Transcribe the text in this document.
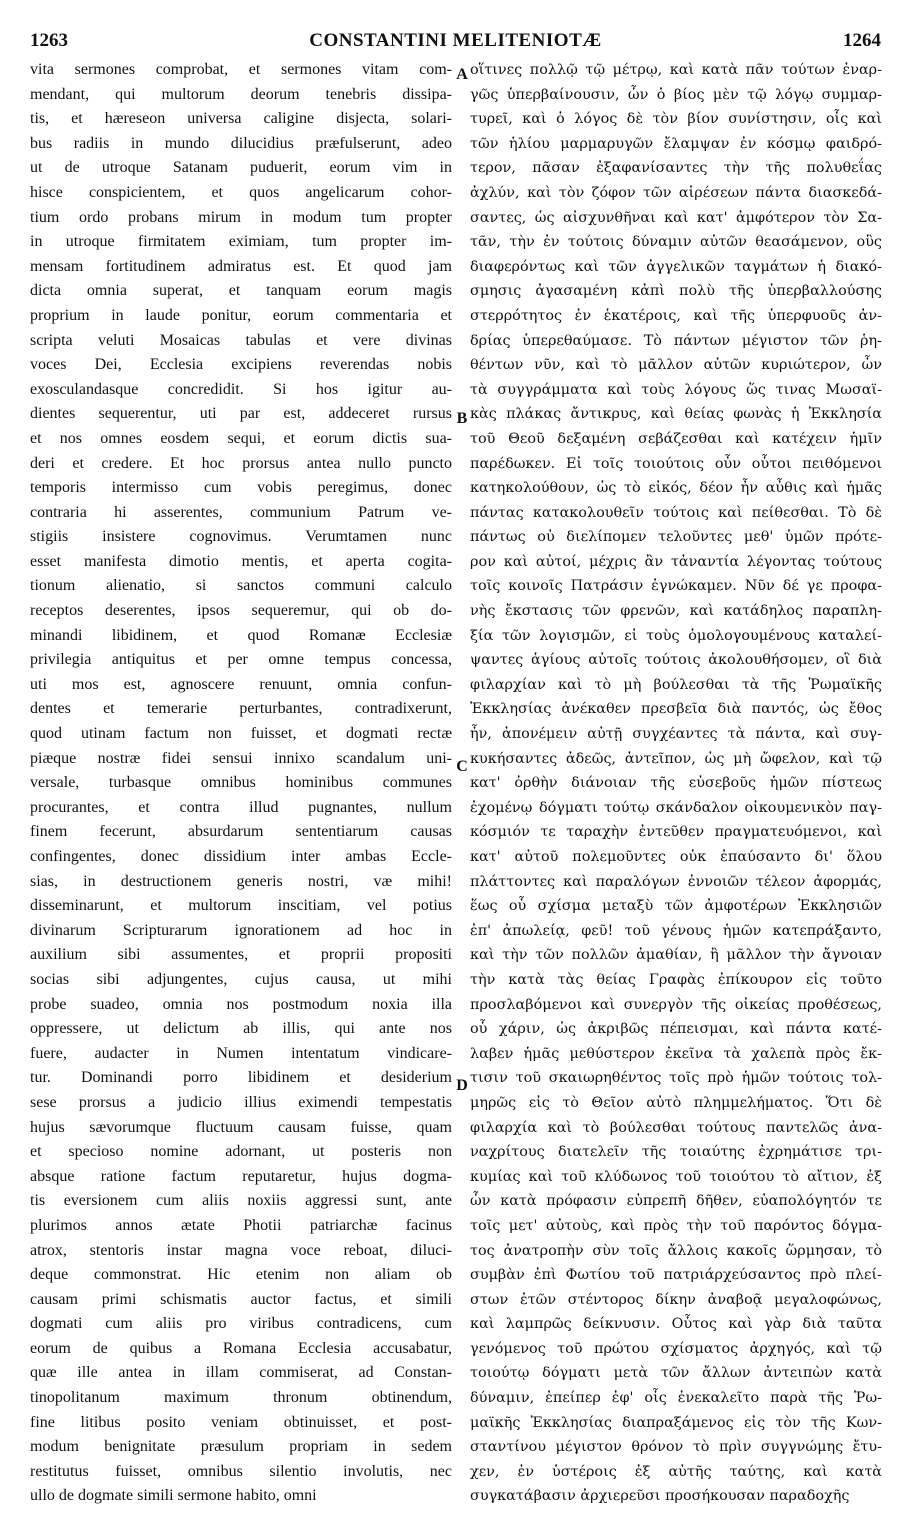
1263	CONSTANTINI MELITENIOTÆ	1264
vita sermones comprobat, et sermones vitam com-
mendant, qui multorum deorum tenebris dissipa-
tis, et hæreseon universa caligine disjecta, solari-
bus radiis in mundo dilucidius præfulserunt, adeo
ut de utroque Satanam puduerit, eorum vim in
hisce conspicientem, et quos angelicarum cohor-
tium ordo probans mirum in modum tum propter
in utroque firmitatem eximiam, tum propter im-
mensam fortitudinem admiratus est. Et quod jam
dicta omnia superat, et tanquam eorum magis
proprium in laude ponitur, eorum commentaria et
scripta veluti Mosaicas tabulas et vere divinas
voces Dei, Ecclesia excipiens reverendas nobis
exosculandasque concredidit. Si hos igitur au-
dientes sequerentur, uti par est, addeceret rursus
et nos omnes eosdem sequi, et eorum dictis sua-
deri et credere. Et hoc prorsus antea nullo puncto
temporis intermisso cum vobis peregimus, donec
contraria hi asserentes, communium Patrum ve-
stigiis insistere cognovimus. Verumtamen nunc
esset manifesta dimotio mentis, et aperta cogita-
tionum alienatio, si sanctos communi calculo
receptos deserentes, ipsos sequeremur, qui ob do-
minandi libidinem, et quod Romanæ Ecclesiæ
privilegia antiquitus et per omne tempus concessa,
uti mos est, agnoscere renuunt, omnia confun-
dentes et temerarie perturbantes, contradixerunt,
quod utinam factum non fuisset, et dogmati rectæ
piæque nostræ fidei sensui innixo scandalum uni-
versale, turbasque omnibus hominibus communes
procurantes, et contra illud pugnantes, nullum
finem fecerunt, absurdarum sententiarum causas
confingentes, donec dissidium inter ambas Eccle-
sias, in destructionem generis nostri, væ mihi!
disseminarunt, et multorum inscitiam, vel potius
divinarum Scripturarum ignorationem ad hoc in
auxilium sibi assumentes, et proprii propositi
socias sibi adjungentes, cujus causa, ut mihi
probe suadeo, omnia nos postmodum noxia illa
oppressere, ut delictum ab illis, qui ante nos
fuere, audacter in Numen intentatum vindicare-
tur. Dominandi porro libidinem et desiderium
sese prorsus a judicio illius eximendi tempestatis
hujus sævorumque fluctuum causam fuisse, quam
et specioso nomine adornant, ut posteris non
absque ratione factum reputaretur, hujus dogma-
tis eversionem cum aliis noxiis aggressi sunt, ante
plurimos annos ætate Photii patriarchæ facinus
atrox, stentoris instar magna voce reboat, diluci-
deque commonstrat. Hic etenim non aliam ob
causam primi schismatis auctor factus, et simili
dogmati cum aliis pro viribus contradicens, cum
eorum de quibus a Romana Ecclesia accusabatur,
quæ ille antea in illam commiserat, ad Constan-
tinopolitanum maximum thronum obtinendum,
fine litibus posito veniam obtinuisset, et post-
modum benignitate præsulum propriam in sedem
restitutus fuisset, omnibus silentio involutis, nec
ullo de dogmate simili sermone habito, omni
οἵτινες πολλῷ τῷ μέτρῳ, καὶ κατὰ πᾶν τούτων ἐναρ-
γῶς ὑπερβαίνουσιν, ὧν ὁ βίος μὲν τῷ λόγῳ συμμαρ-
τυρεῖ, καὶ ὁ λόγος δὲ τὸν βίον συνίστησιν, οἷς καὶ
τῶν ἡλίου μαρμαρυγῶν ἔλαμψαν ἐν κόσμῳ φαιδρό-
τερον, πᾶσαν ἐξαφανίσαντες τὴν τῆς πολυθεΐας
ἀχλύν, καὶ τὸν ζόφον τῶν αἱρέσεων πάντα διασκεδά-
σαντες, ὡς αἰσχυνθῆναι καὶ κατ' ἀμφότερον τὸν Σα-
τᾶν, τὴν ἐν τούτοις δύναμιν αὐτῶν θεασάμενον, οὓς
διαφερόντως καὶ τῶν ἀγγελικῶν ταγμάτων ἡ διακό-
σμησις ἀγασαμένη κἀπὶ πολὺ τῆς ὑπερβαλλούσης
στερρότητος ἐν ἑκατέροις, καὶ τῆς ὑπερφυοῦς ἀν-
δρίας ὑπερεθαύμασε. Τὸ πάντων μέγιστον τῶν ῥη-
θέντων νῦν, καὶ τὸ μᾶλλον αὐτῶν κυριώτερον, ὧν
τὰ συγγράμματα καὶ τοὺς λόγους ὥς τινας Μωσαϊ-
κὰς πλάκας ἄντικρυς, καὶ θείας φωνὰς ἡ Ἐκκλησία
τοῦ Θεοῦ δεξαμένη σεβάζεσθαι καὶ κατέχειν ἡμῖν
παρέδωκεν. Εἰ τοῖς τοιούτοις οὖν οὗτοι πειθόμενοι
κατηκολούθουν, ὡς τὸ εἰκός, δέον ἦν αὖθις καὶ ἡμᾶς
πάντας κατακολουθεῖν τούτοις καὶ πείθεσθαι. Τὸ δὲ
πάντως οὐ διελίπομεν τελοῦντες μεθ' ὑμῶν πρότε-
ρον καὶ αὐτοί, μέχρις ἂν τἀναντία λέγοντας τούτους
τοῖς κοινοῖς Πατράσιν ἐγνώκαμεν. Νῦν δέ γε προφα-
νὴς ἔκστασις τῶν φρενῶν, καὶ κατάδηλος παραπλη-
ξία τῶν λογισμῶν, εἰ τοὺς ὁμολογουμένους καταλεί-
ψαντες ἁγίους αὐτοῖς τούτοις ἀκολουθήσομεν, οἳ διὰ
φιλαρχίαν καὶ τὸ μὴ βούλεσθαι τὰ τῆς Ῥωμαϊκῆς
Ἐκκλησίας ἀνέκαθεν πρεσβεῖα διὰ παντός, ὡς ἔθος
ἦν, ἀπονέμειν αὐτῇ συγχέαντες τὰ πάντα, καὶ συγ-
κυκήσαντες ἀδεῶς, ἀντεῖπον, ὡς μὴ ὤφελον, καὶ τῷ
κατ' ὀρθὴν διάνοιαν τῆς εὐσεβοῦς ἡμῶν πίστεως
ἐχομένῳ δόγματι τούτῳ σκάνδαλον οἰκουμενικὸν παγ-
κόσμιόν τε ταραχὴν ἐντεῦθεν πραγματευόμενοι, καὶ
κατ' αὐτοῦ πολεμοῦντες οὐκ ἐπαύσαντο δι' ὅλου
πλάττοντες καὶ παραλόγων ἐννοιῶν τέλεον ἀφορμάς,
ἕως οὗ σχίσμα μεταξὺ τῶν ἀμφοτέρων Ἐκκλησιῶν
ἐπ' ἀπωλείᾳ, φεῦ! τοῦ γένους ἡμῶν κατεπράξαντο,
καὶ τὴν τῶν πολλῶν ἀμαθίαν, ἢ μᾶλλον τὴν ἄγνοιαν
τὴν κατὰ τὰς θείας Γραφὰς ἐπίκουρον εἰς τοῦτο
προσλαβόμενοι καὶ συνεργὸν τῆς οἰκείας προθέσεως,
οὗ χάριν, ὡς ἀκριβῶς πέπεισμαι, καὶ πάντα κατέ-
λαβεν ἡμᾶς μεθύστερον ἐκεῖνα τὰ χαλεπὰ πρὸς ἔκ-
τισιν τοῦ σκαιωρηθέντος τοῖς πρὸ ἡμῶν τούτοις τολ-
μηρῶς εἰς τὸ Θεῖον αὐτὸ πλημμελήματος. Ὅτι δὲ
φιλαρχία καὶ τὸ βούλεσθαι τούτους παντελῶς ἀνα-
ναχρίτους διατελεῖν τῆς τοιαύτης ἐχρημάτισε τρι-
κυμίας καὶ τοῦ κλύδωνος τοῦ τοιούτου τὸ αἴτιον, ἐξ
ὧν κατὰ πρόφασιν εὐπρεπῆ δῆθεν, εὐαπολόγητόν τε
τοῖς μετ' αὐτοὺς, καὶ πρὸς τὴν τοῦ παρόντος δόγμα-
τος ἀνατροπὴν σὺν τοῖς ἄλλοις κακοῖς ὥρμησαν, τὸ
συμβὰν ἐπὶ Φωτίου τοῦ πατριάρχεύσαντος πρὸ πλεί-
στων ἐτῶν στέντορος δίκην ἀναβοᾷ μεγαλοφώνως,
καὶ λαμπρῶς δείκνυσιν. Οὗτος καὶ γὰρ διὰ ταῦτα
γενόμενος τοῦ πρώτου σχίσματος ἀρχηγός, καὶ τῷ
τοιούτῳ δόγματι μετὰ τῶν ἄλλων ἀντειπὼν κατὰ
δύναμιν, ἐπείπερ ἐφ' οἷς ἐνεκαλεῖτο παρὰ τῆς Ῥω-
μαϊκῆς Ἐκκλησίας διαπραξάμενος εἰς τὸν τῆς Κων-
σταντίνου μέγιστον θρόνον τὸ πρὶν συγγνώμης ἔτυ-
χεν, ἐν ὑστέροις ἐξ αὐτῆς ταύτης, καὶ κατὰ
συγκατάβασιν ἀρχιερεῦσι προσήκουσαν παραδοχῆς
A
B
C
D
